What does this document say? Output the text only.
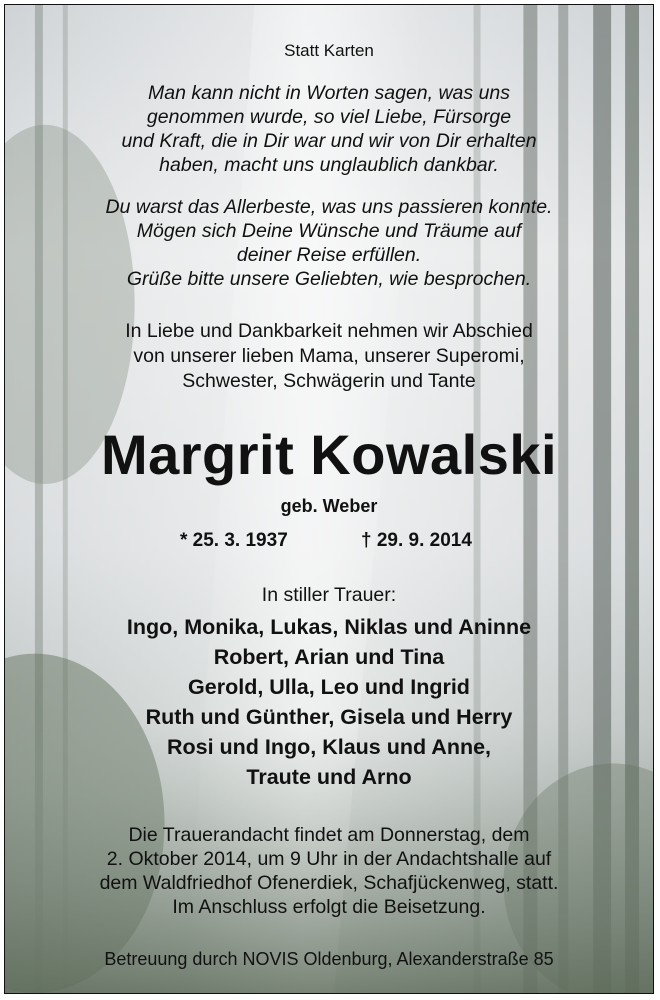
Statt Karten
Man kann nicht in Worten sagen, was uns
genommen wurde, so viel Liebe, Fürsorge
und Kraft, die in Dir war und wir von Dir erhalten
haben, macht uns unglaublich dankbar.
Du warst das Allerbeste, was uns passieren konnte.
Mögen sich Deine Wünsche und Träume auf
deiner Reise erfüllen.
Grüße bitte unsere Geliebten, wie besprochen.
In Liebe und Dankbarkeit nehmen wir Abschied
von unserer lieben Mama, unserer Superomi,
Schwester, Schwägerin und Tante
Margrit Kowalski
geb. Weber
* 25. 3. 1937	† 29. 9. 2014
In stiller Trauer:
Ingo, Monika, Lukas, Niklas und Aninne
Robert, Arian und Tina
Gerold, Ulla, Leo und Ingrid
Ruth und Günther, Gisela und Herry
Rosi und Ingo, Klaus und Anne,
Traute und Arno
Die Trauerandacht findet am Donnerstag, dem
2. Oktober 2014, um 9 Uhr in der Andachtshalle auf
dem Waldfriedhof Ofenerdiek, Schafjückenweg, statt.
Im Anschluss erfolgt die Beisetzung.
Betreuung durch NOVIS Oldenburg, Alexanderstraße 85
